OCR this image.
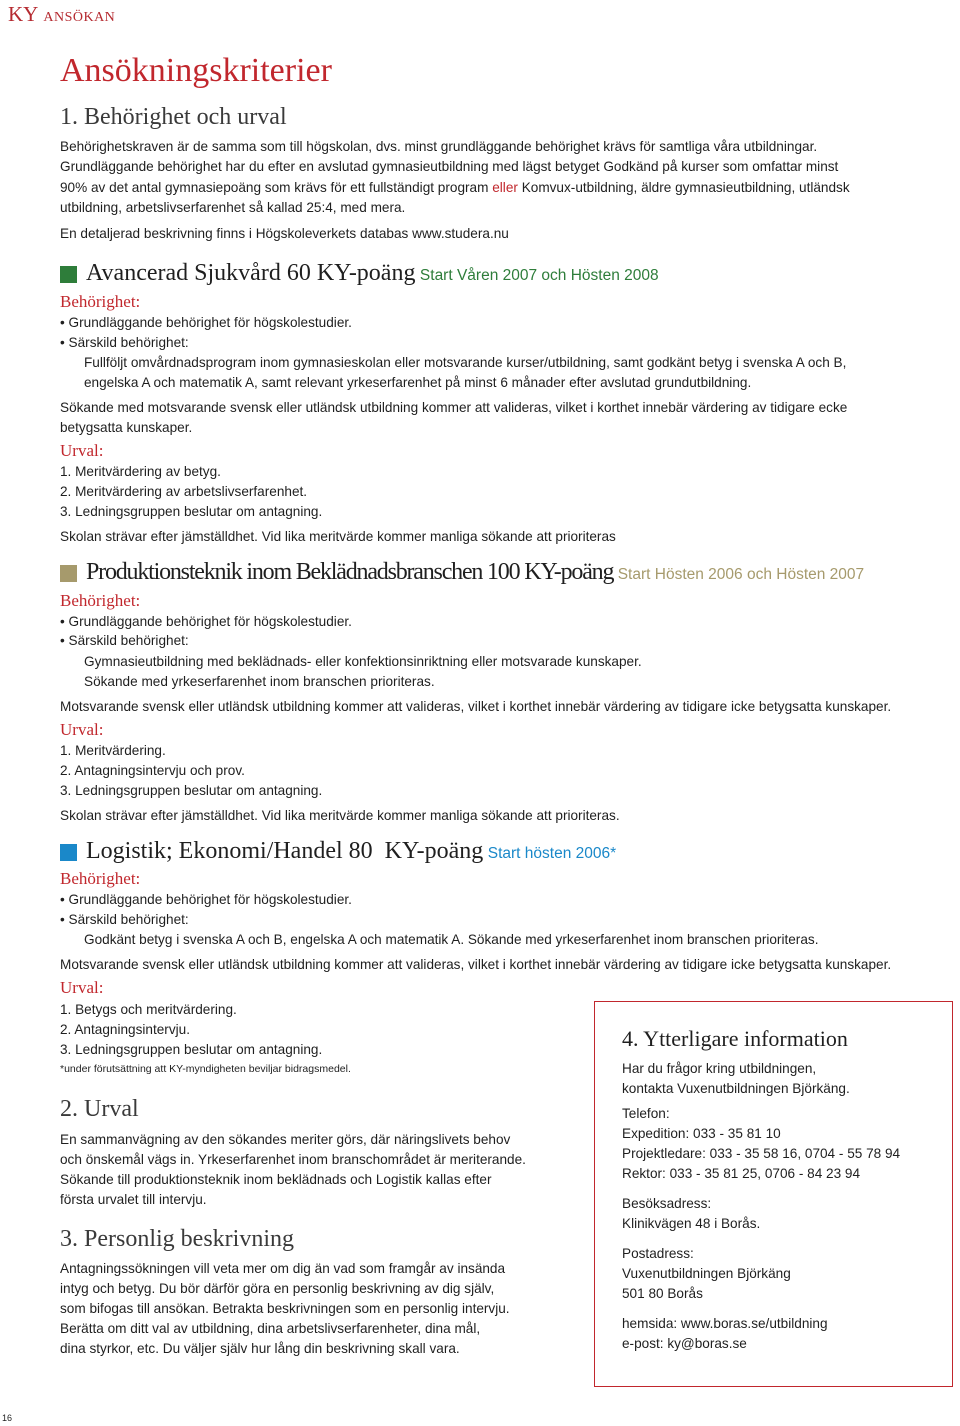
KY ANSÖKAN
Ansökningskriterier
1. Behörighet och urval
Behörighetskraven är de samma som till högskolan, dvs. minst grundläggande behörighet krävs för samtliga våra utbildningar.
Grundläggande behörighet har du efter en avslutad gymnasieutbildning med lägst betyget Godkänd på kurser som omfattar minst
90% av det antal gymnasiepoäng som krävs för ett fullständigt program eller Komvux-utbildning, äldre gymnasieutbildning, utländsk
utbildning, arbetslivserfarenhet så kallad 25:4, med mera.
En detaljerad beskrivning finns i Högskoleverkets databas www.studera.nu
Avancerad Sjukvård 60 KY-poäng Start Våren 2007 och Hösten 2008
Behörighet:
• Grundläggande behörighet för högskolestudier.
• Särskild behörighet:
Fullföljt omvårdnadsprogram inom gymnasieskolan eller motsvarande kurser/utbildning, samt godkänt betyg i svenska A och B,
engelska A och matematik A, samt relevant yrkeserfarenhet på minst 6 månader efter avslutad grundutbildning.
Sökande med motsvarande svensk eller utländsk utbildning kommer att valideras, vilket i korthet innebär värdering av tidigare ecke
betygsatta kunskaper.
Urval:
1. Meritvärdering av betyg.
2. Meritvärdering av arbetslivserfarenhet.
3. Ledningsgruppen beslutar om antagning.
Skolan strävar efter jämställdhet. Vid lika meritvärde kommer manliga sökande att prioriteras
Produktionsteknik inom Beklädnadsbranschen 100 KY-poäng Start Hösten 2006 och Hösten 2007
Behörighet:
• Grundläggande behörighet för högskolestudier.
• Särskild behörighet:
Gymnasieutbildning med beklädnads- eller konfektionsinriktning eller motsvarade kunskaper.
Sökande med yrkeserfarenhet inom branschen prioriteras.
Motsvarande svensk eller utländsk utbildning kommer att valideras, vilket i korthet innebär värdering av tidigare icke betygsatta kunskaper.
Urval:
1. Meritvärdering.
2. Antagningsintervju och prov.
3. Ledningsgruppen beslutar om antagning.
Skolan strävar efter jämställdhet. Vid lika meritvärde kommer manliga sökande att prioriteras.
Logistik; Ekonomi/Handel 80  KY-poäng Start hösten 2006*
Behörighet:
• Grundläggande behörighet för högskolestudier.
• Särskild behörighet:
Godkänt betyg i svenska A och B, engelska A och matematik A. Sökande med yrkeserfarenhet inom branschen prioriteras.
Motsvarande svensk eller utländsk utbildning kommer att valideras, vilket i korthet innebär värdering av tidigare icke betygsatta kunskaper.
Urval:
1. Betygs och meritvärdering.
2. Antagningsintervju.
3. Ledningsgruppen beslutar om antagning.
*under förutsättning att KY-myndigheten beviljar bidragsmedel.
2. Urval
En sammanvägning av den sökandes meriter görs, där näringslivets behov
och önskemål vägs in. Yrkeserfarenhet inom branschområdet är meriterande.
Sökande till produktionsteknik inom beklädnads och Logistik kallas efter
första urvalet till intervju.
3. Personlig beskrivning
Antagningssökningen vill veta mer om dig än vad som framgår av insända
intyg och betyg. Du bör därför göra en personlig beskrivning av dig själv,
som bifogas till ansökan. Betrakta beskrivningen som en personlig intervju.
Berätta om ditt val av utbildning, dina arbetslivserfarenheter, dina mål,
dina styrkor, etc. Du väljer själv hur lång din beskrivning skall vara.
4. Ytterligare information
Har du frågor kring utbildningen,
kontakta Vuxenutbildningen Björkäng.
Telefon:
Expedition: 033 - 35 81 10
Projektledare: 033 - 35 58 16, 0704 - 55 78 94
Rektor: 033 - 35 81 25, 0706 - 84 23 94
Besöksadress:
Klinikvägen 48 i Borås.
Postadress:
Vuxenutbildningen Björkäng
501 80 Borås
hemsida: www.boras.se/utbildning
e-post: ky@boras.se
16
